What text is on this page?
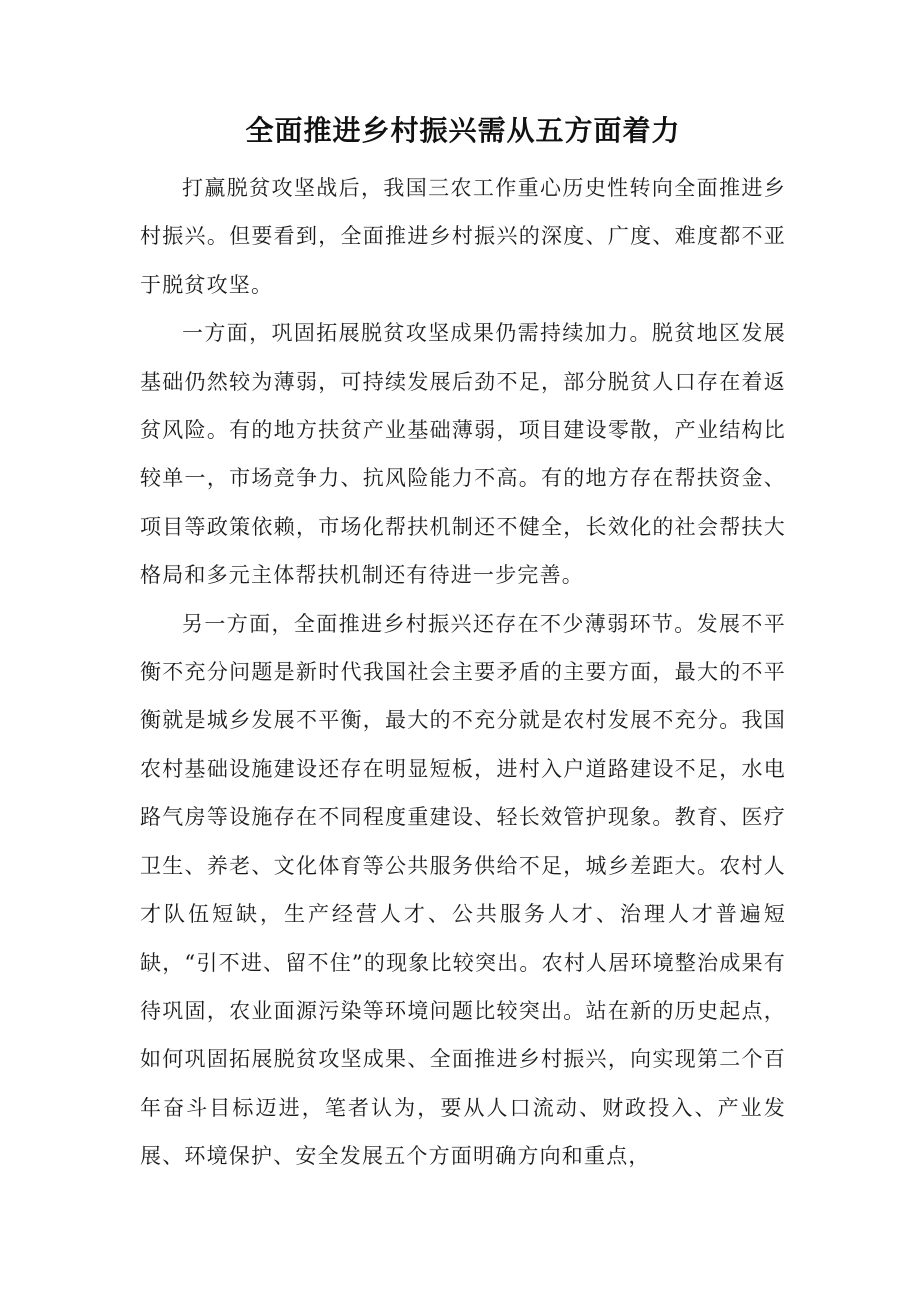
全面推进乡村振兴需从五方面着力

打赢脱贫攻坚战后，我国三农工作重心历史性转向全面推进乡村振兴。但要看到，全面推进乡村振兴的深度、广度、难度都不亚于脱贫攻坚。

一方面，巩固拓展脱贫攻坚成果仍需持续加力。脱贫地区发展基础仍然较为薄弱，可持续发展后劲不足，部分脱贫人口存在着返贫风险。有的地方扶贫产业基础薄弱，项目建设零散，产业结构比较单一，市场竞争力、抗风险能力不高。有的地方存在帮扶资金、项目等政策依赖，市场化帮扶机制还不健全，长效化的社会帮扶大格局和多元主体帮扶机制还有待进一步完善。

另一方面，全面推进乡村振兴还存在不少薄弱环节。发展不平衡不充分问题是新时代我国社会主要矛盾的主要方面，最大的不平衡就是城乡发展不平衡，最大的不充分就是农村发展不充分。我国农村基础设施建设还存在明显短板，进村入户道路建设不足，水电路气房等设施存在不同程度重建设、轻长效管护现象。教育、医疗卫生、养老、文化体育等公共服务供给不足，城乡差距大。农村人才队伍短缺，生产经营人才、公共服务人才、治理人才普遍短缺，“引不进、留不住”的现象比较突出。农村人居环境整治成果有待巩固，农业面源污染等环境问题比较突出。站在新的历史起点，如何巩固拓展脱贫攻坚成果、全面推进乡村振兴，向实现第二个百年奋斗目标迈进，笔者认为，要从人口流动、财政投入、产业发展、环境保护、安全发展五个方面明确方向和重点，
